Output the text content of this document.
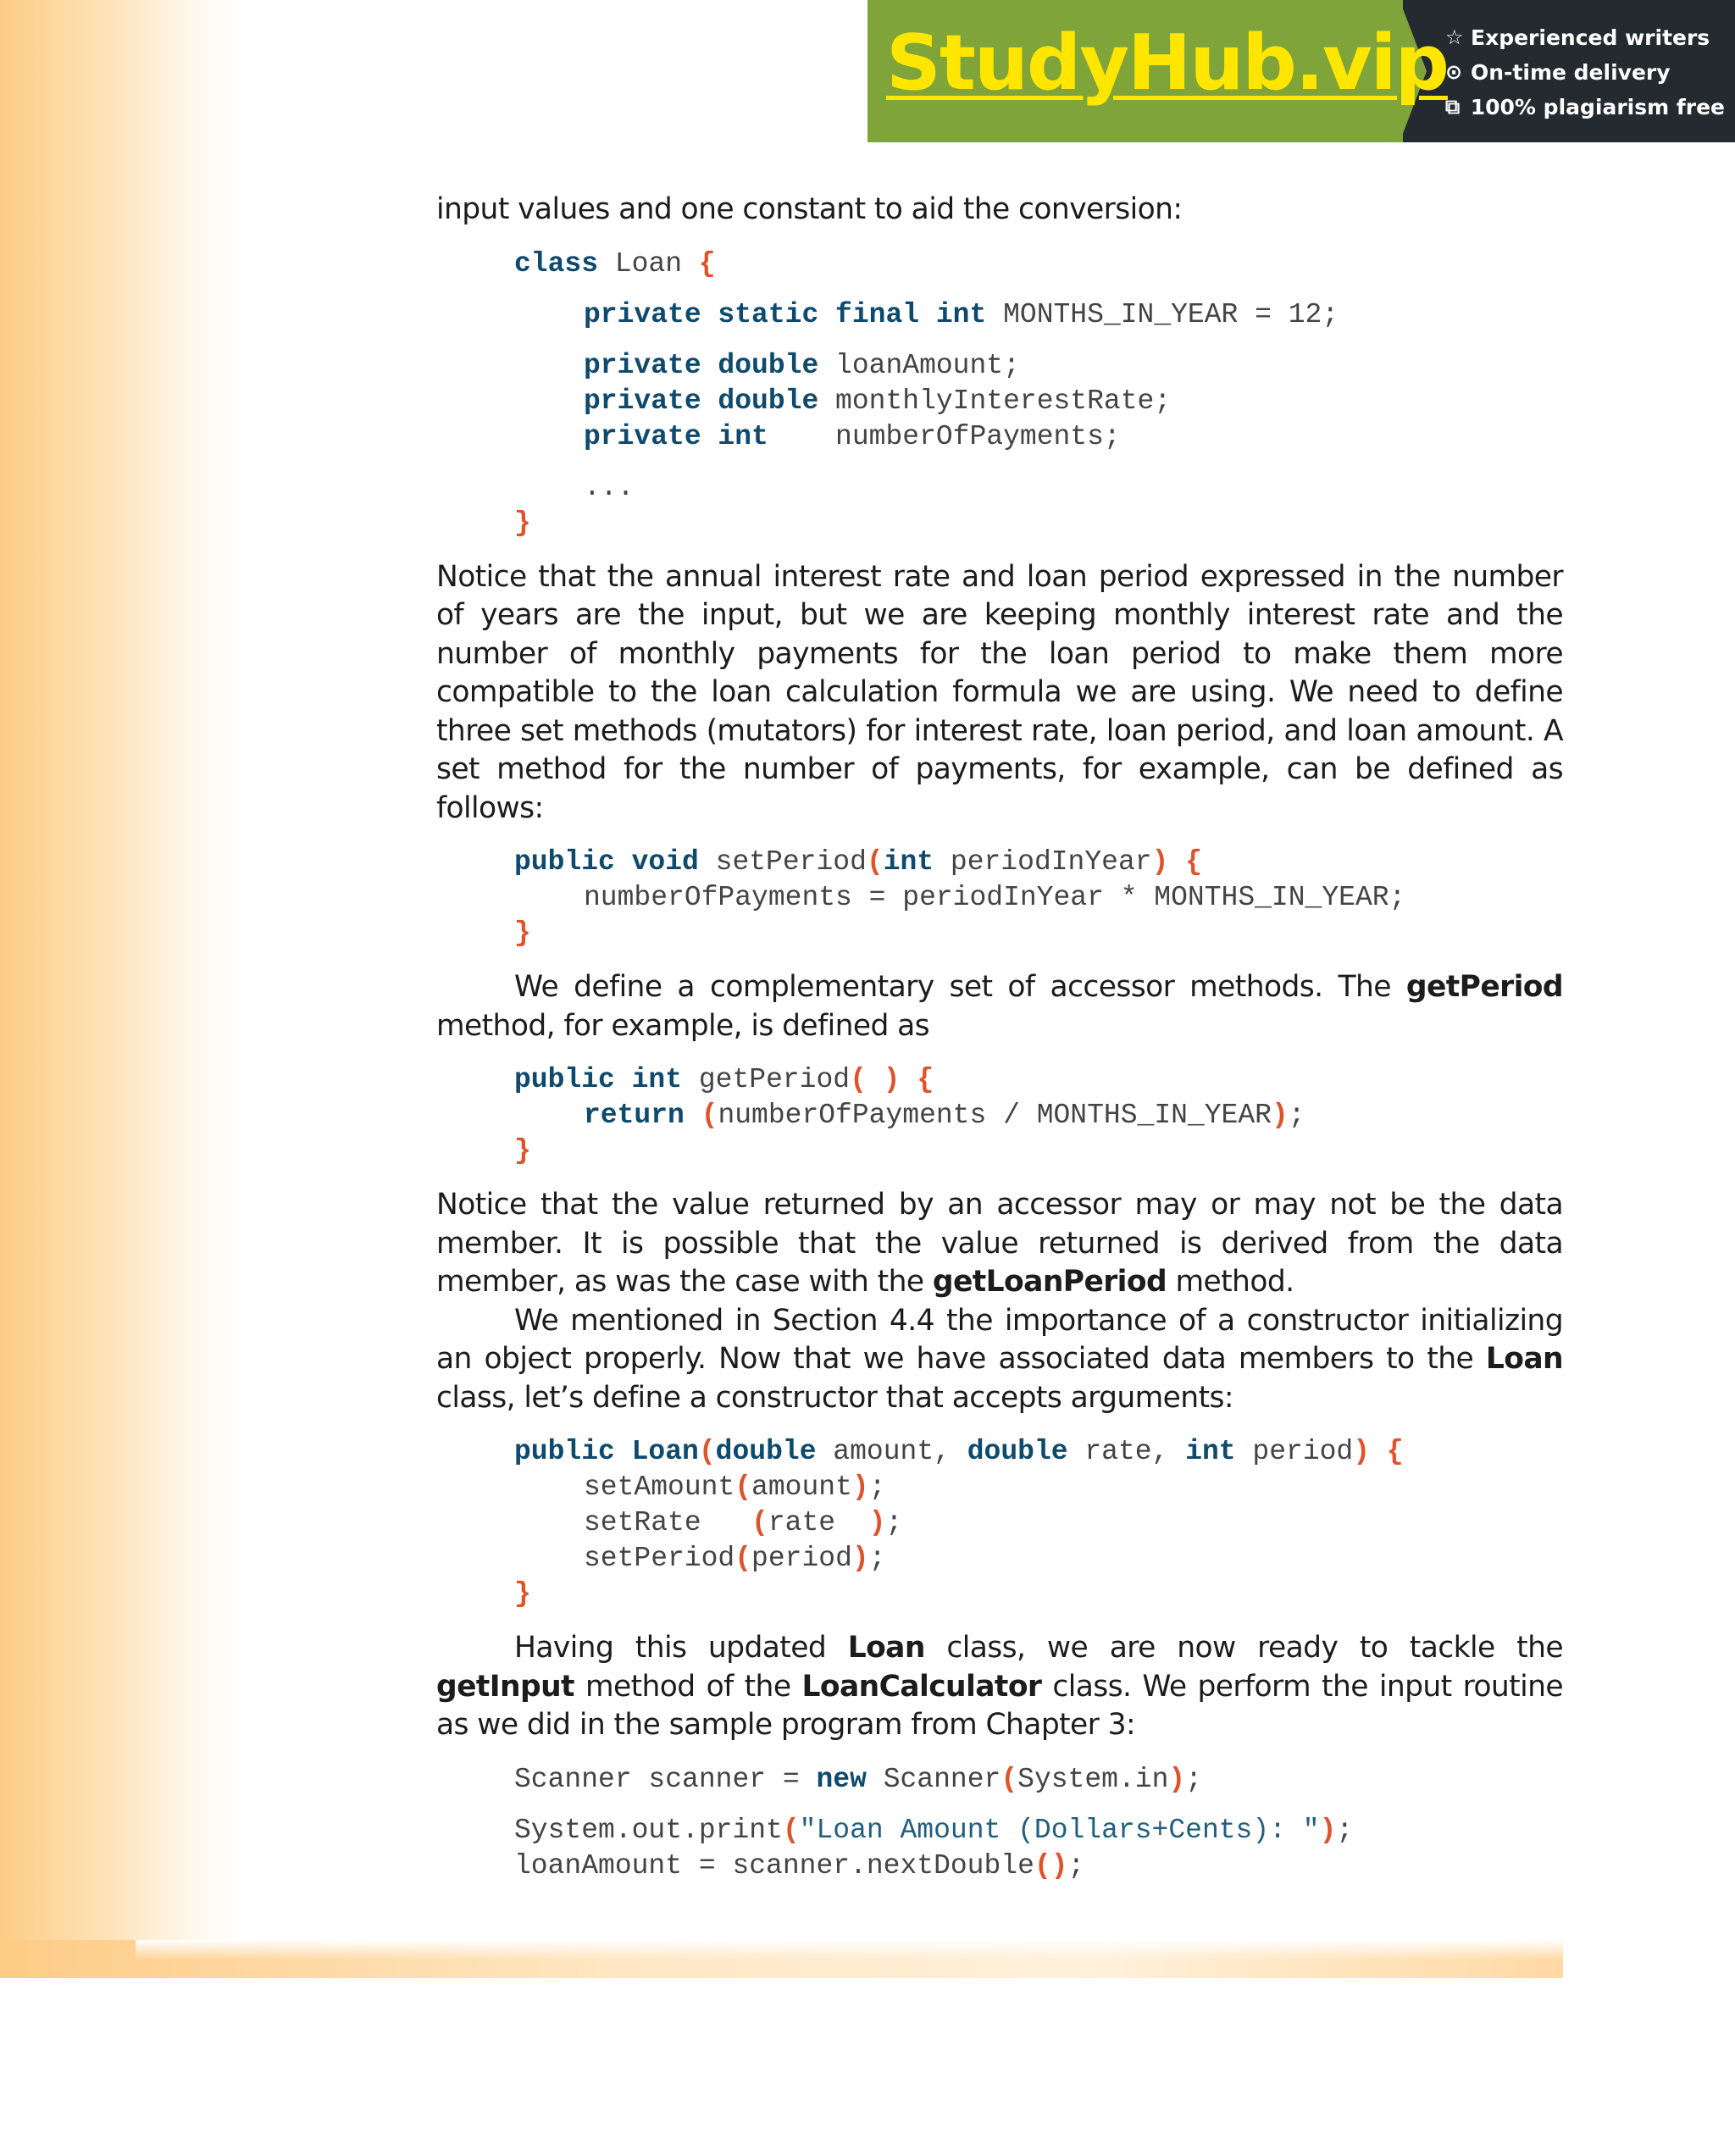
StudyHub.vip
☆ Experienced writers
⊙ On-time delivery
⧉ 100% plagiarism free

input values and one constant to aid the conversion:

class Loan {
private static final int MONTHS_IN_YEAR = 12;
private double loanAmount;
private double monthlyInterestRate;
private int    numberOfPayments;
...
}

Notice that the annual interest rate and loan period expressed in the number of years are the input, but we are keeping monthly interest rate and the number of monthly payments for the loan period to make them more compatible to the loan calculation formula we are using. We need to define three set methods (mutators) for interest rate, loan period, and loan amount. A set method for the number of payments, for example, can be defined as follows:

public void setPeriod(int periodInYear) {
numberOfPayments = periodInYear * MONTHS_IN_YEAR;
}

We define a complementary set of accessor methods. The getPeriod method, for example, is defined as

public int getPeriod( ) {
return (numberOfPayments / MONTHS_IN_YEAR);
}

Notice that the value returned by an accessor may or may not be the data member. It is possible that the value returned is derived from the data member, as was the case with the getLoanPeriod method.

We mentioned in Section 4.4 the importance of a constructor initializing an object properly. Now that we have associated data members to the Loan class, let’s define a constructor that accepts arguments:

public Loan(double amount, double rate, int period) {
setAmount(amount);
setRate   (rate  );
setPeriod(period);
}

Having this updated Loan class, we are now ready to tackle the getInput method of the LoanCalculator class. We perform the input routine as we did in the sample program from Chapter 3:

Scanner scanner = new Scanner(System.in);
System.out.print("Loan Amount (Dollars+Cents): ");
loanAmount = scanner.nextDouble();
